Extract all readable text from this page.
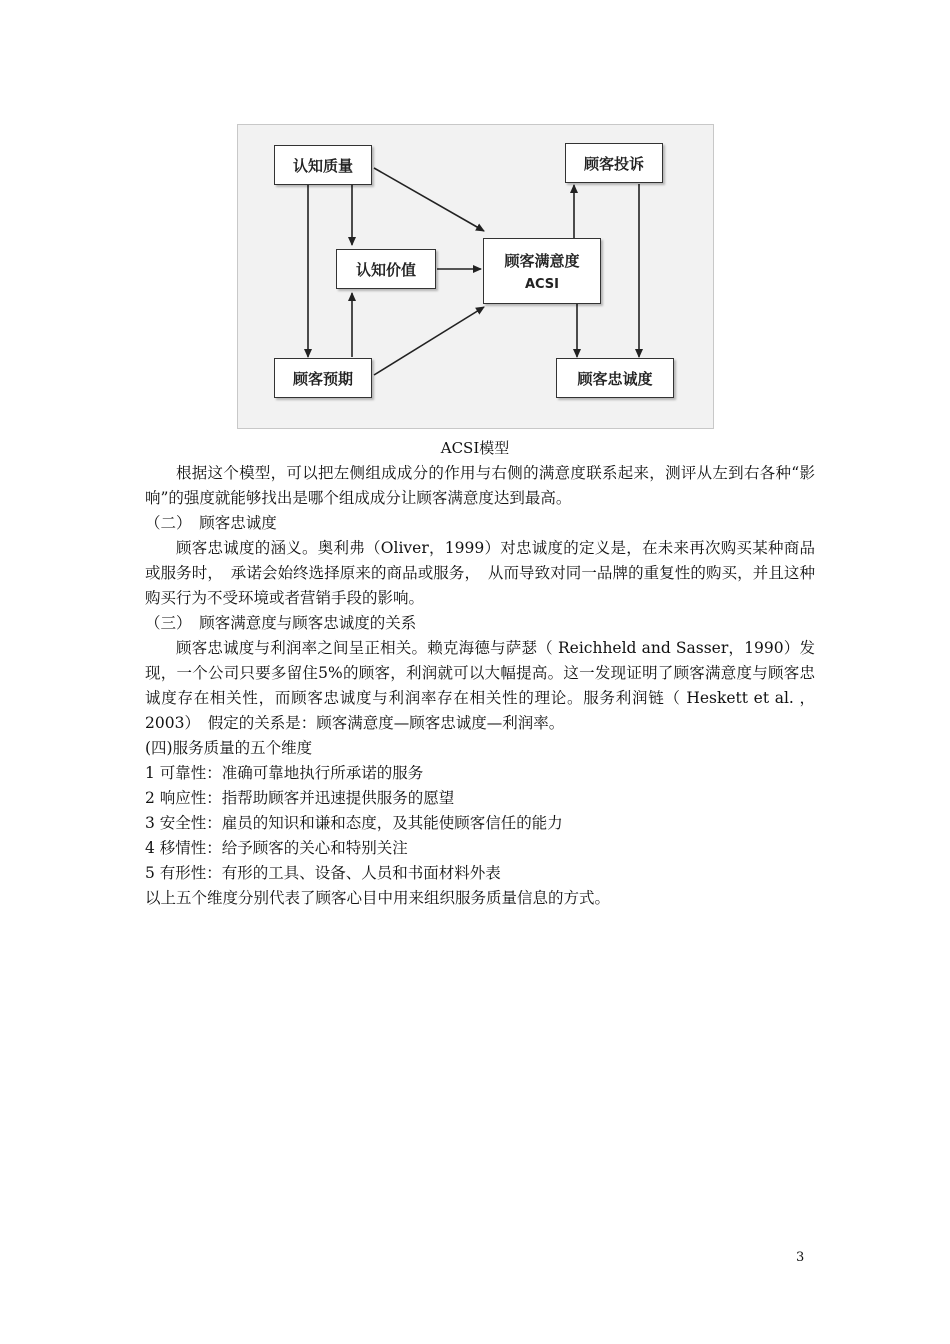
认知质量
认知价值
顾客预期
顾客满意度
ACSI
顾客投诉
顾客忠诚度
ACSI模型

根据这个模型，可以把左侧组成成分的作用与右侧的满意度联系起来，测评从左到右各种“影响”的强度就能够找出是哪个组成成分让顾客满意度达到最高。

（二）　顾客忠诚度

顾客忠诚度的涵义。奥利弗（Oliver，1999）对忠诚度的定义是，在未来再次购买某种商品或服务时，　承诺会始终选择原来的商品或服务，　从而导致对同一品牌的重复性的购买，并且这种购买行为不受环境或者营销手段的影响。

（三）　顾客满意度与顾客忠诚度的关系

顾客忠诚度与利润率之间呈正相关。赖克海德与萨瑟（ Reichheld and Sasser，1990）发现，一个公司只要多留住5%的顾客，利润就可以大幅提高。这一发现证明了顾客满意度与顾客忠诚度存在相关性，而顾客忠诚度与利润率存在相关性的理论。服务利润链（ Heskett et al. ，2003）　假定的关系是：顾客满意度—顾客忠诚度—利润率。

(四)服务质量的五个维度

1 可靠性：准确可靠地执行所承诺的服务

2 响应性：指帮助顾客并迅速提供服务的愿望

3 安全性：雇员的知识和谦和态度，及其能使顾客信任的能力

4 移情性：给予顾客的关心和特别关注

5 有形性：有形的工具、设备、人员和书面材料外表

以上五个维度分别代表了顾客心目中用来组织服务质量信息的方式。

3
